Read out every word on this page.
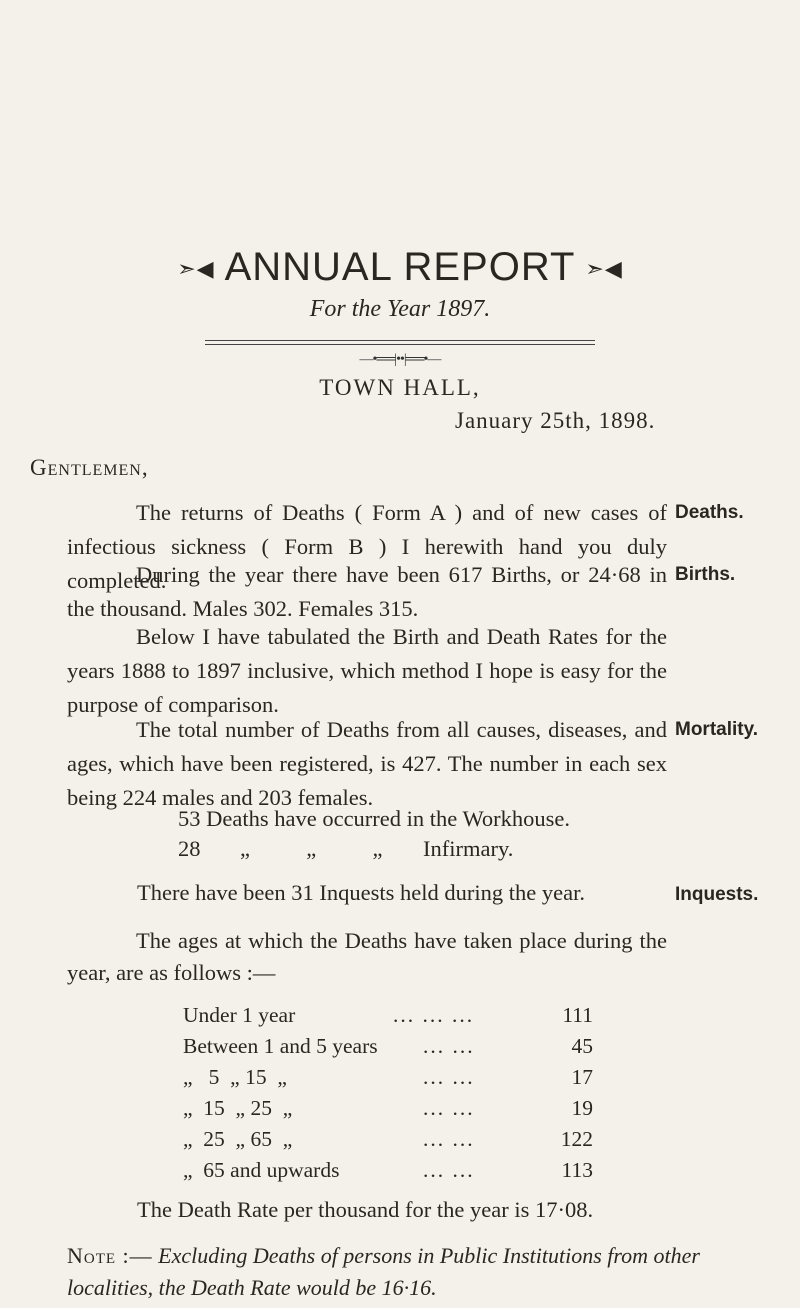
➣◀ ANNUAL REPORT ➣◀
For the Year 1897.
—•══|••|══•—
TOWN HALL,
January 25th, 1898.
Gentlemen,
The returns of Deaths ( Form A ) and of new cases of infectious sickness ( Form B ) I herewith hand you duly completed.
Deaths.
During the year there have been 617 Births, or 24·68 in the thousand. Males 302. Females 315.
Births.
Below I have tabulated the Birth and Death Rates for the years 1888 to 1897 inclusive, which method I hope is easy for the purpose of comparison.
The total number of Deaths from all causes, diseases, and ages, which have been registered, is 427. The number in each sex being 224 males and 203 females.
Mortality.
53 Deaths have occurred in the Workhouse.
28 „          „          „ Infirmary.
There have been 31 Inquests held during the year.	Inquests.
The ages at which the Deaths have taken place during the year, are as follows :—
Under 1 year	... ... ...	111
Between 1 and 5 years ... ...	45
„   5  „ 15  „	... ...	17
„  15  „ 25  „	... ...	19
„  25  „ 65  „	... ...	122
„  65 and upwards	... ...	113
The Death Rate per thousand for the year is 17·08.
Note :— Excluding Deaths of persons in Public Institutions from other localities, the Death Rate would be 16·16.
